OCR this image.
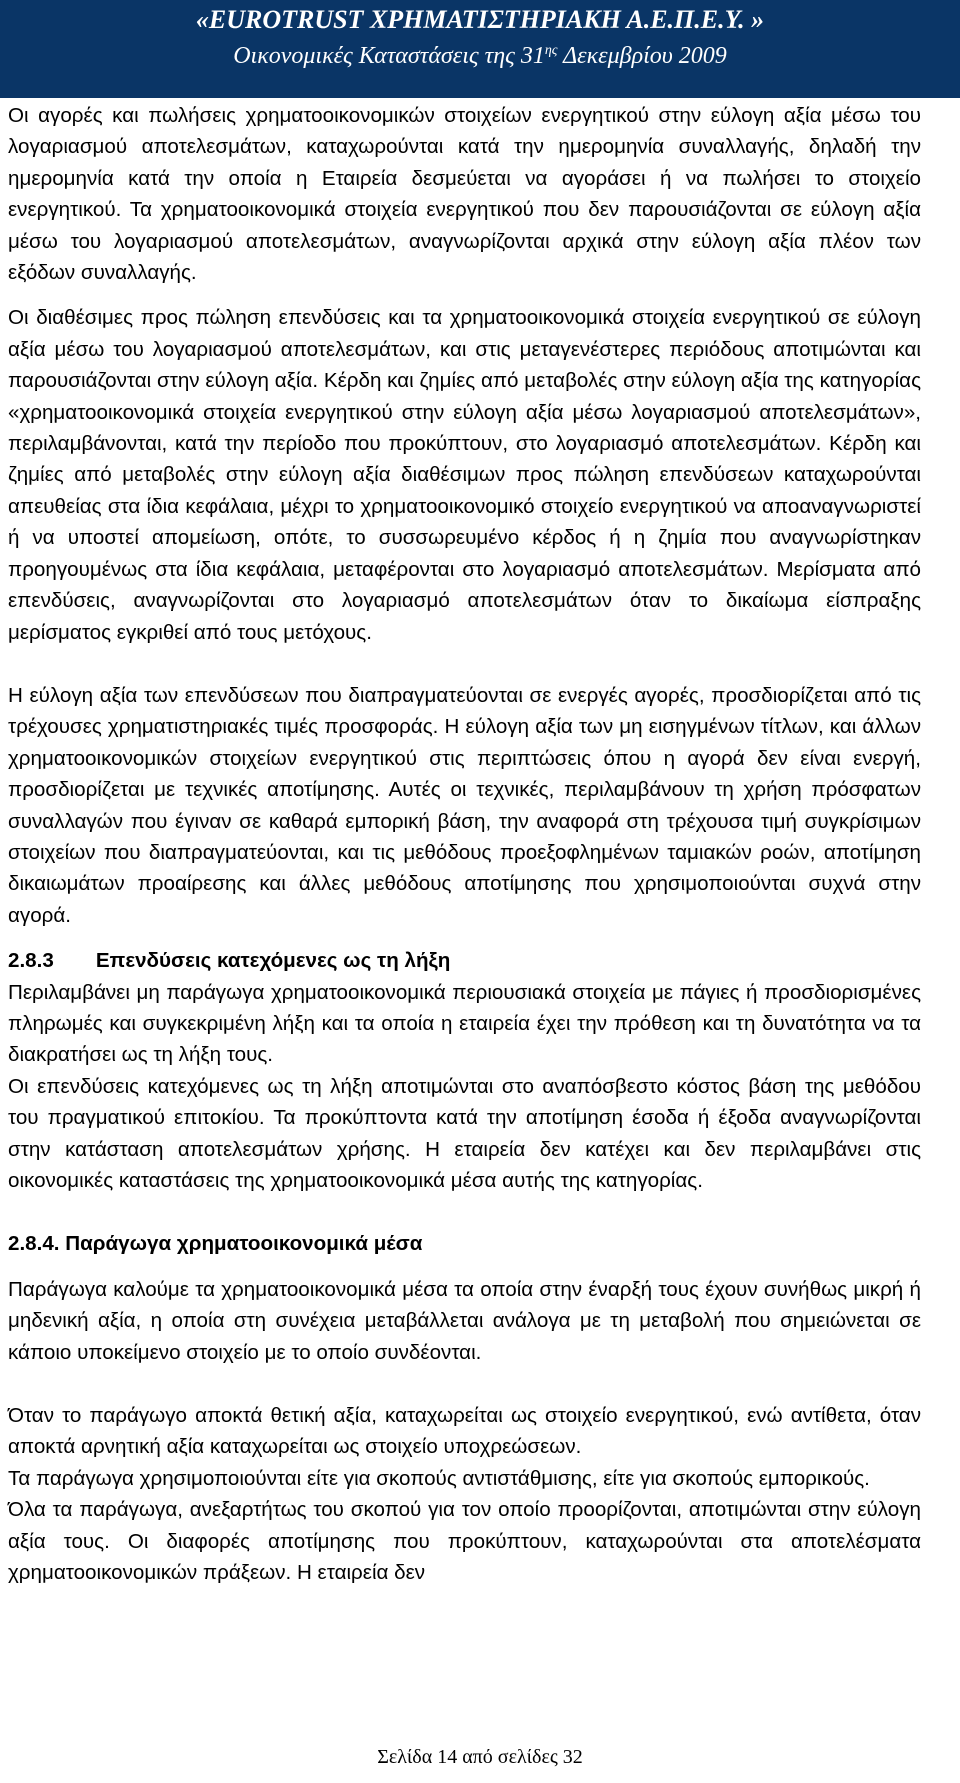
«EUROTRUST ΧΡΗΜΑΤΙΣΤΗΡΙΑΚΗ Α.Ε.Π.Ε.Υ. »
Οικονομικές Καταστάσεις της $31^{\eta\varsigma}$ Δεκεμβρίου 2009

Οι αγορές και πωλήσεις χρηματοοικονομικών στοιχείων ενεργητικού στην εύλογη αξία μέσω του λογαριασμού αποτελεσμάτων, καταχωρούνται κατά την ημερομηνία συναλλαγής, δηλαδή την ημερομηνία κατά την οποία η Εταιρεία δεσμεύεται να αγοράσει ή να πωλήσει το στοιχείο ενεργητικού. Τα χρηματοοικονομικά στοιχεία ενεργητικού που δεν παρουσιάζονται σε εύλογη αξία μέσω του λογαριασμού αποτελεσμάτων, αναγνωρίζονται αρχικά στην εύλογη αξία πλέον των εξόδων συναλλαγής.

Οι διαθέσιμες προς πώληση επενδύσεις και τα χρηματοοικονομικά στοιχεία ενεργητικού σε εύλογη αξία μέσω του λογαριασμού αποτελεσμάτων, και στις μεταγενέστερες περιόδους αποτιμώνται και παρουσιάζονται στην εύλογη αξία. Κέρδη και ζημίες από μεταβολές στην εύλογη αξία της κατηγορίας «χρηματοοικονομικά στοιχεία ενεργητικού στην εύλογη αξία μέσω λογαριασμού αποτελεσμάτων», περιλαμβάνονται, κατά την περίοδο που προκύπτουν, στο λογαριασμό αποτελεσμάτων. Κέρδη και ζημίες από μεταβολές στην εύλογη αξία διαθέσιμων προς πώληση επενδύσεων καταχωρούνται απευθείας στα ίδια κεφάλαια, μέχρι το χρηματοοικονομικό στοιχείο ενεργητικού να αποαναγνωριστεί ή να υποστεί απομείωση, οπότε, το συσσωρευμένο κέρδος ή η ζημία που αναγνωρίστηκαν προηγουμένως στα ίδια κεφάλαια, μεταφέρονται στο λογαριασμό αποτελεσμάτων. Μερίσματα από επενδύσεις, αναγνωρίζονται στο λογαριασμό αποτελεσμάτων όταν το δικαίωμα είσπραξης μερίσματος εγκριθεί από τους μετόχους.

Η εύλογη αξία των επενδύσεων που διαπραγματεύονται σε ενεργές αγορές, προσδιορίζεται από τις τρέχουσες χρηματιστηριακές τιμές προσφοράς. Η εύλογη αξία των μη εισηγμένων τίτλων, και άλλων χρηματοοικονομικών στοιχείων ενεργητικού στις περιπτώσεις όπου η αγορά δεν είναι ενεργή, προσδιορίζεται με τεχνικές αποτίμησης. Αυτές οι τεχνικές, περιλαμβάνουν τη χρήση πρόσφατων συναλλαγών που έγιναν σε καθαρά εμπορική βάση, την αναφορά στη τρέχουσα τιμή συγκρίσιμων στοιχείων που διαπραγματεύονται, και τις μεθόδους προεξοφλημένων ταμιακών ροών, αποτίμηση δικαιωμάτων προαίρεσης και άλλες μεθόδους αποτίμησης που χρησιμοποιούνται συχνά στην αγορά.

2.8.3 Επενδύσεις κατεχόμενες ως τη λήξη

Περιλαμβάνει μη παράγωγα χρηματοοικονομικά περιουσιακά στοιχεία με πάγιες ή προσδιορισμένες πληρωμές και συγκεκριμένη λήξη και τα οποία η εταιρεία έχει την πρόθεση και τη δυνατότητα να τα διακρατήσει ως τη λήξη τους.

Οι επενδύσεις κατεχόμενες ως τη λήξη αποτιμώνται στο αναπόσβεστο κόστος βάση της μεθόδου του πραγματικού επιτοκίου. Τα προκύπτοντα κατά την αποτίμηση έσοδα ή έξοδα αναγνωρίζονται στην κατάσταση αποτελεσμάτων χρήσης. Η εταιρεία δεν κατέχει και δεν περιλαμβάνει στις οικονομικές καταστάσεις της χρηματοοικονομικά μέσα αυτής της κατηγορίας.

2.8.4. Παράγωγα χρηματοοικονομικά μέσα

Παράγωγα καλούμε τα χρηματοοικονομικά μέσα τα οποία στην έναρξή τους έχουν συνήθως μικρή ή μηδενική αξία, η οποία στη συνέχεια μεταβάλλεται ανάλογα με τη μεταβολή που σημειώνεται σε κάποιο υποκείμενο στοιχείο με το οποίο συνδέονται.

Όταν το παράγωγο αποκτά θετική αξία, καταχωρείται ως στοιχείο ενεργητικού, ενώ αντίθετα, όταν αποκτά αρνητική αξία καταχωρείται ως στοιχείο υποχρεώσεων.

Τα παράγωγα χρησιμοποιούνται είτε για σκοπούς αντιστάθμισης, είτε για σκοπούς εμπορικούς.

Όλα τα παράγωγα, ανεξαρτήτως του σκοπού για τον οποίο προορίζονται, αποτιμώνται στην εύλογη αξία τους. Οι διαφορές αποτίμησης που προκύπτουν, καταχωρούνται στα αποτελέσματα χρηματοοικονομικών πράξεων. Η εταιρεία δεν

Σελίδα 14 από σελίδες 32
